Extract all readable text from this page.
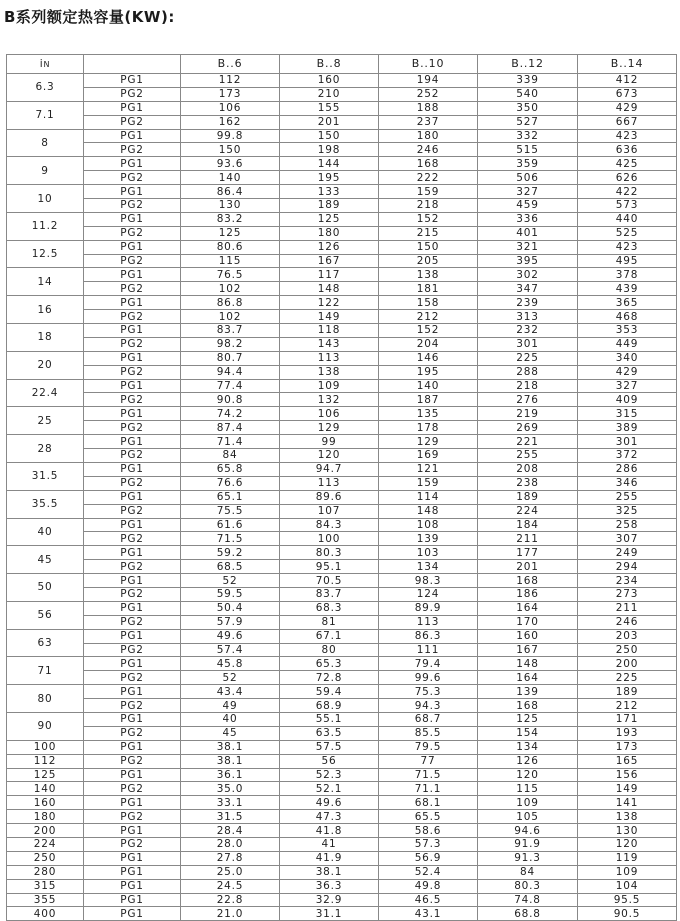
B系列额定热容量(KW):
iN		B..6	B..8	B..10	B..12	B..14
6.3	PG1	112	160	194	339	412
	PG2	173	210	252	540	673
7.1	PG1	106	155	188	350	429
	PG2	162	201	237	527	667
8	PG1	99.8	150	180	332	423
	PG2	150	198	246	515	636
9	PG1	93.6	144	168	359	425
	PG2	140	195	222	506	626
10	PG1	86.4	133	159	327	422
	PG2	130	189	218	459	573
11.2	PG1	83.2	125	152	336	440
	PG2	125	180	215	401	525
12.5	PG1	80.6	126	150	321	423
	PG2	115	167	205	395	495
14	PG1	76.5	117	138	302	378
	PG2	102	148	181	347	439
16	PG1	86.8	122	158	239	365
	PG2	102	149	212	313	468
18	PG1	83.7	118	152	232	353
	PG2	98.2	143	204	301	449
20	PG1	80.7	113	146	225	340
	PG2	94.4	138	195	288	429
22.4	PG1	77.4	109	140	218	327
	PG2	90.8	132	187	276	409
25	PG1	74.2	106	135	219	315
	PG2	87.4	129	178	269	389
28	PG1	71.4	99	129	221	301
	PG2	84	120	169	255	372
31.5	PG1	65.8	94.7	121	208	286
	PG2	76.6	113	159	238	346
35.5	PG1	65.1	89.6	114	189	255
	PG2	75.5	107	148	224	325
40	PG1	61.6	84.3	108	184	258
	PG2	71.5	100	139	211	307
45	PG1	59.2	80.3	103	177	249
	PG2	68.5	95.1	134	201	294
50	PG1	52	70.5	98.3	168	234
	PG2	59.5	83.7	124	186	273
56	PG1	50.4	68.3	89.9	164	211
	PG2	57.9	81	113	170	246
63	PG1	49.6	67.1	86.3	160	203
	PG2	57.4	80	111	167	250
71	PG1	45.8	65.3	79.4	148	200
	PG2	52	72.8	99.6	164	225
80	PG1	43.4	59.4	75.3	139	189
	PG2	49	68.9	94.3	168	212
90	PG1	40	55.1	68.7	125	171
	PG2	45	63.5	85.5	154	193
100	PG1	38.1	57.5	79.5	134	173
112	PG2	38.1	56	77	126	165
125	PG1	36.1	52.3	71.5	120	156
140	PG2	35.0	52.1	71.1	115	149
160	PG1	33.1	49.6	68.1	109	141
180	PG2	31.5	47.3	65.5	105	138
200	PG1	28.4	41.8	58.6	94.6	130
224	PG2	28.0	41	57.3	91.9	120
250	PG1	27.8	41.9	56.9	91.3	119
280	PG1	25.0	38.1	52.4	84	109
315	PG1	24.5	36.3	49.8	80.3	104
355	PG1	22.8	32.9	46.5	74.8	95.5
400	PG1	21.0	31.1	43.1	68.8	90.5
